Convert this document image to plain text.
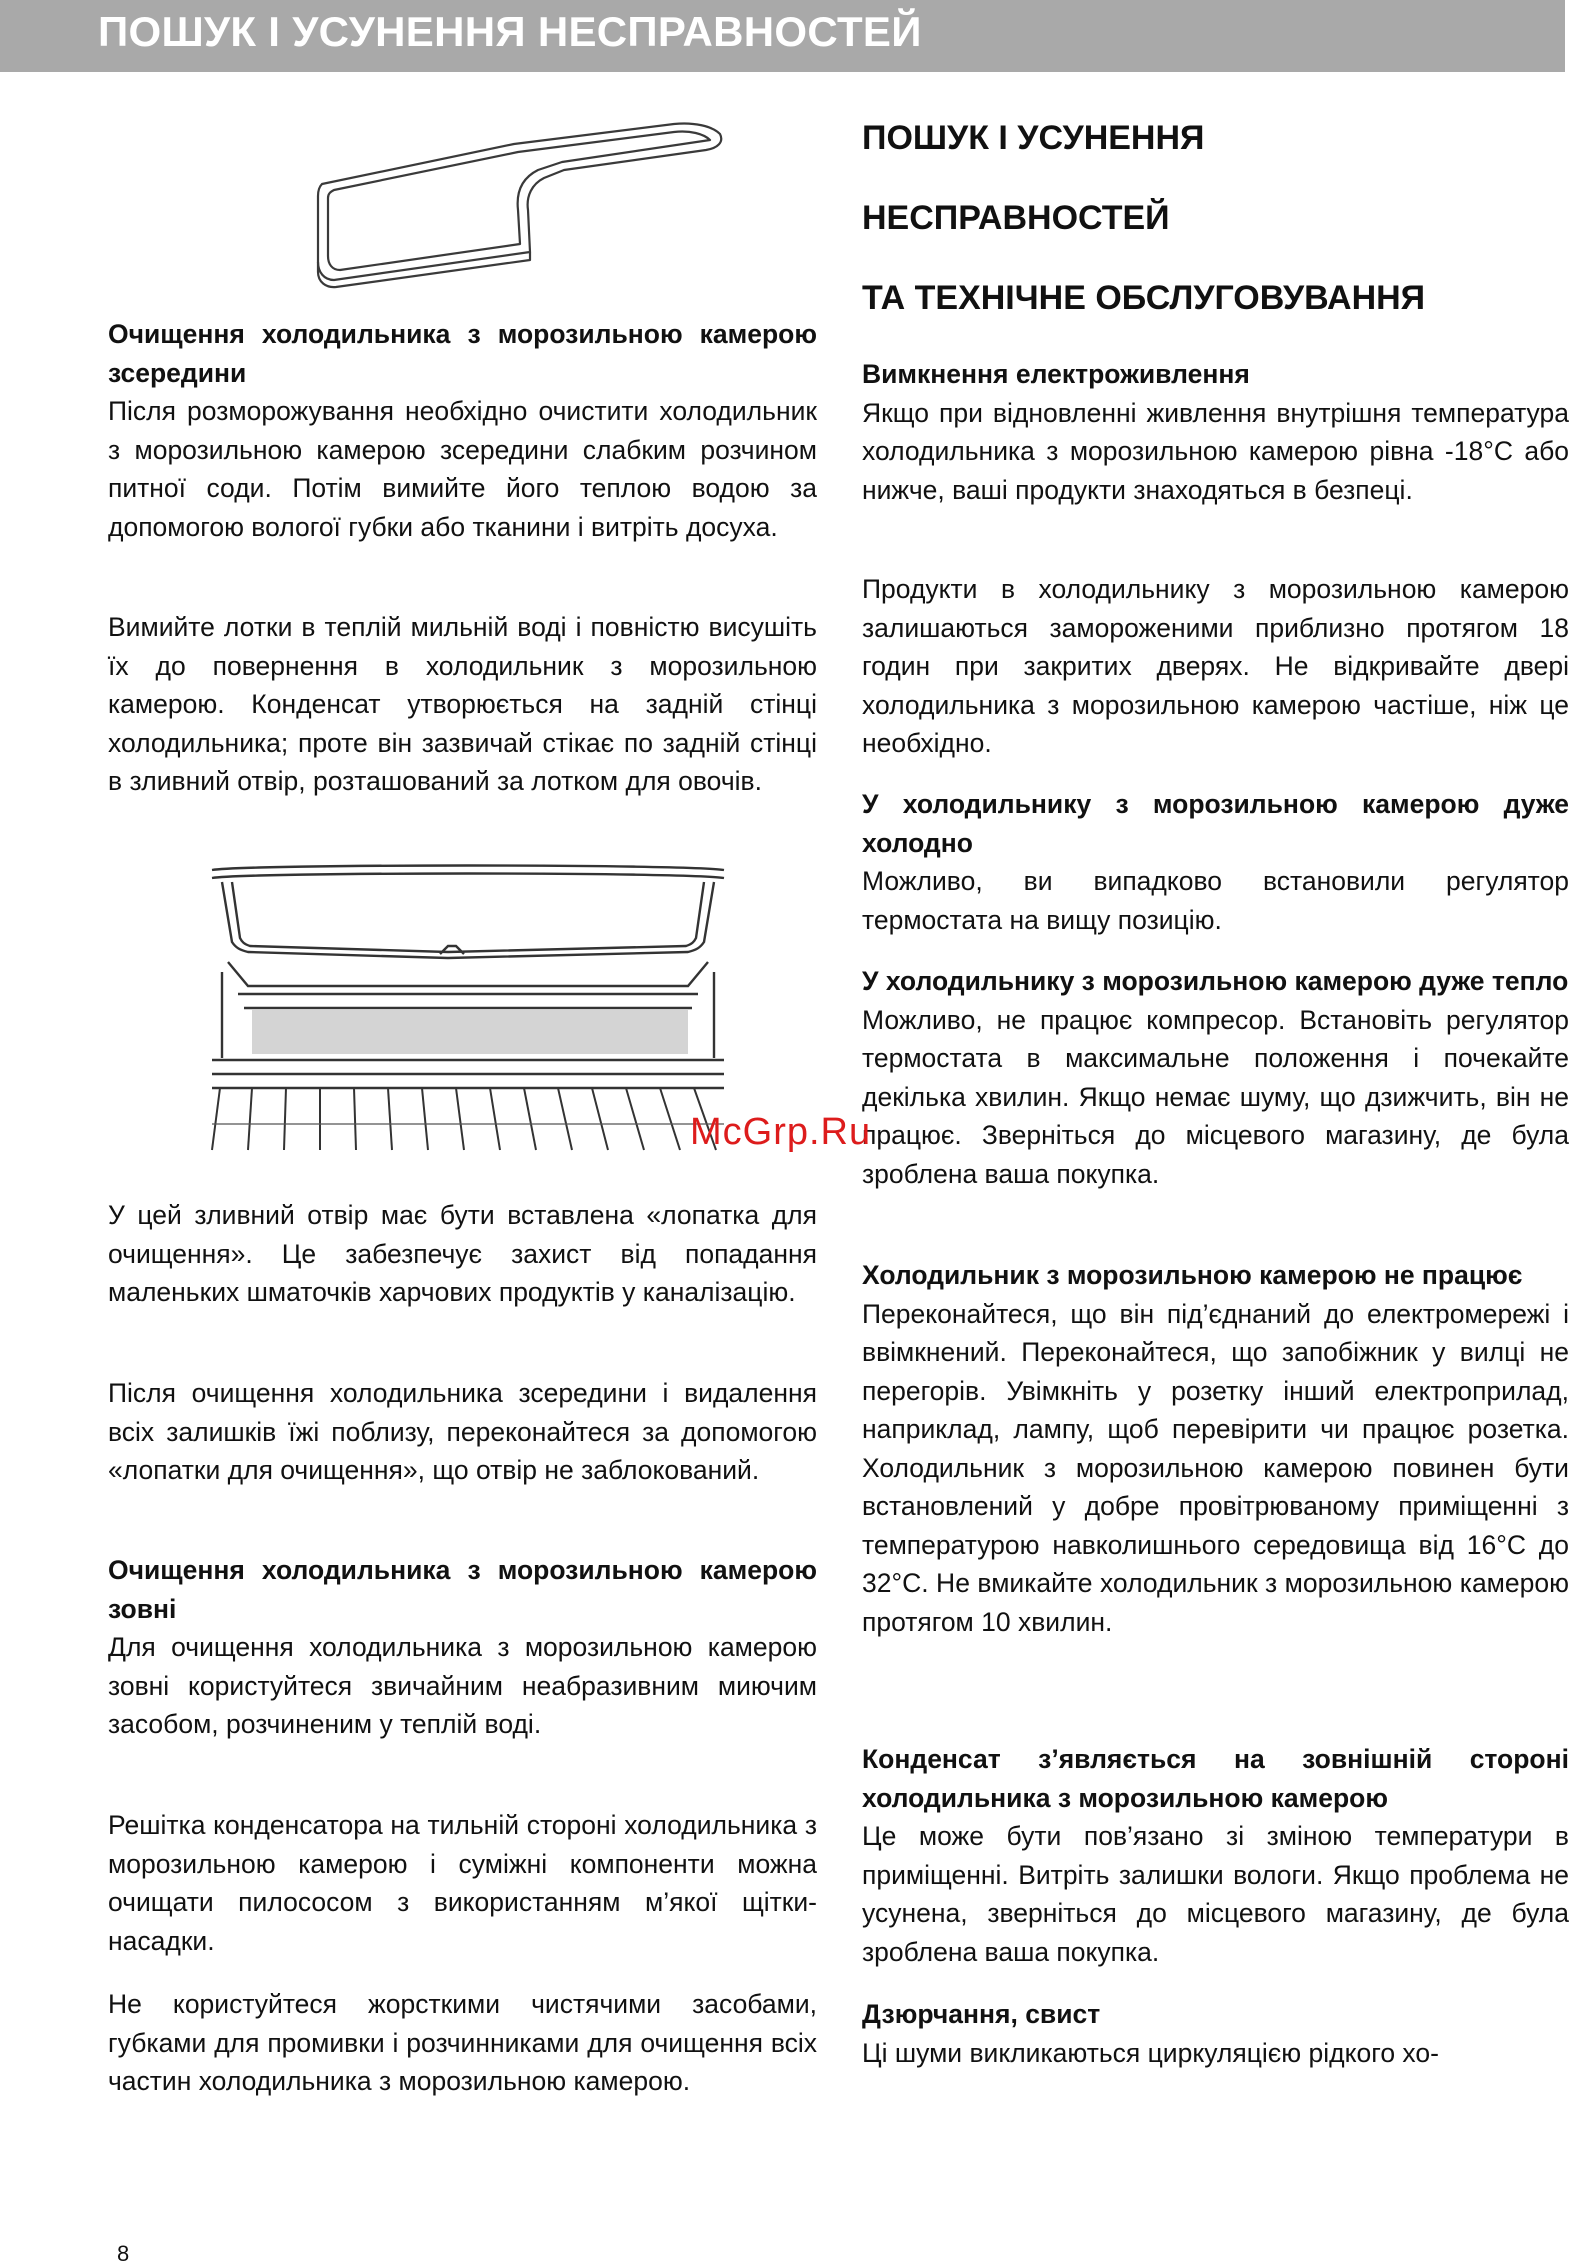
ПОШУК І УСУНЕННЯ НЕСПРАВНОСТЕЙ

Очищення холодильника з морозильною камерою зсередини

Після розморожування необхідно очистити холодильник з морозильною камерою зсередини слабким розчином питної соди. Потім вимийте його теплою водою за допомогою вологої губки або тканини і витріть досуха.

Вимийте лотки в теплій мильній воді і повністю висушіть їх до повернення в холодильник з морозильною камерою. Конденсат утворюється на задній стінці холодильника; проте він зазвичай стікає по задній стінці в зливний отвір, розташований за лотком для овочів.

У цей зливний отвір має бути вставлена «лопатка для очищення». Це забезпечує захист від попадання маленьких шматочків харчових продуктів у каналізацію.

Після очищення холодильника зсередини і видалення всіх залишків їжі поблизу, переконайтеся за допомогою «лопатки для очищення», що отвір не заблокований.

Очищення холодильника з морозильною камерою зовні

Для очищення холодильника з морозильною камерою зовні користуйтеся звичайним неабразивним миючим засобом, розчиненим у теплій воді.

Решітка конденсатора на тильній стороні холодильника з морозильною камерою і суміжні компоненти можна очищати пилососом з використанням м’якої щітки-насадки.

Не користуйтеся жорсткими чистячими засобами, губками для промивки і розчинниками для очищення всіх частин холодильника з морозильною камерою.

ПОШУК І УСУНЕННЯ
НЕСПРАВНОСТЕЙ
ТА ТЕХНІЧНЕ ОБСЛУГОВУВАННЯ

Вимкнення електроживлення

Якщо при відновленні живлення внутрішня температура холодильника з морозильною камерою рівна -18°С або нижче, ваші продукти знаходяться в безпеці.

Продукти в холодильнику з морозильною камерою залишаються замороженими приблизно протягом 18 годин при закритих дверях. Не відкривайте двері холодильника з морозильною камерою частіше, ніж це необхідно.

У холодильнику з морозильною камерою дуже холодно

Можливо, ви випадково встановили регулятор термостата на вищу позицію.

У холодильнику з морозильною камерою дуже тепло

Можливо, не працює компресор. Встановіть регулятор термостата в максимальне положення і почекайте декілька хвилин. Якщо немає шуму, що дзижчить, він не працює. Зверніться до місцевого магазину, де була зроблена ваша покупка.

Холодильник з морозильною камерою не працює

Переконайтеся, що він під’єднаний до електромережі і ввімкнений. Переконайтеся, що запобіжник у вилці не перегорів. Увімкніть у розетку інший електроприлад, наприклад, лампу, щоб перевірити чи працює розетка. Холодильник з морозильною камерою повинен бути встановлений у добре провітрюваному приміщенні з температурою навколишнього середовища від 16°С до 32°С. Не вмикайте холодильник з морозильною камерою протягом 10 хвилин.

Конденсат з’являється на зовнішній стороні холодильника з морозильною камерою

Це може бути пов’язано зі зміною температури в приміщенні. Витріть залишки вологи. Якщо проблема не усунена, зверніться до місцевого магазину, де була зроблена ваша покупка.

Дзюрчання, свист

Ці шуми викликаються циркуляцією рідкого хо-

McGrp.Ru
8
